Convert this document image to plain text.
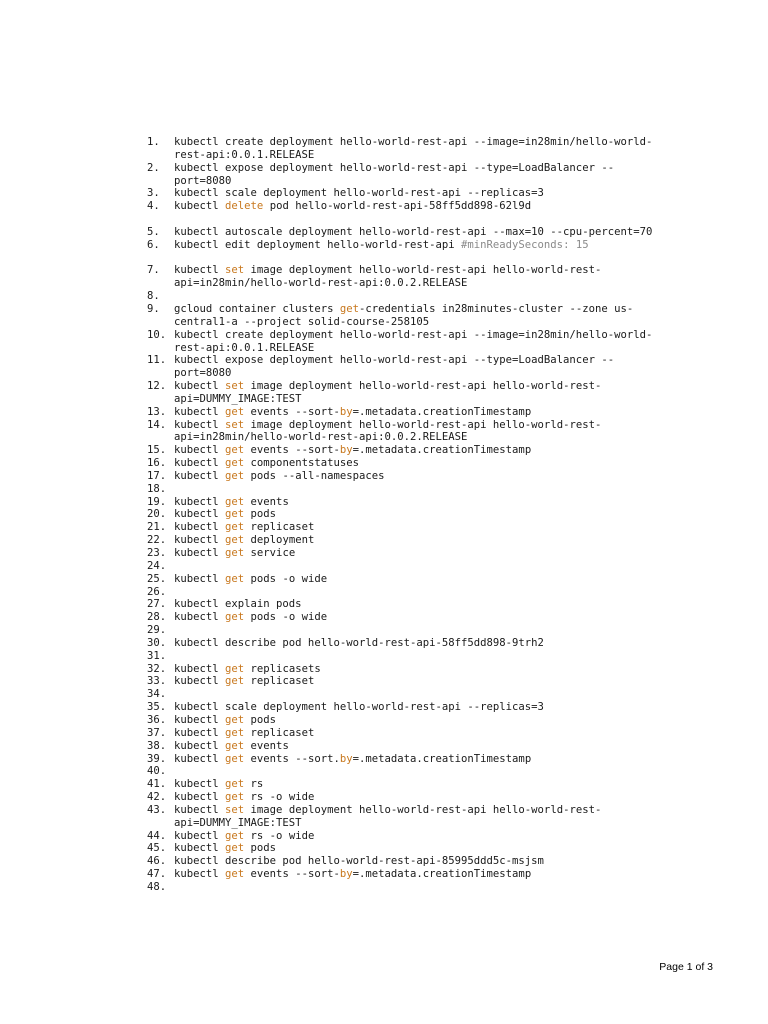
1.	kubectl create deployment hello-world-rest-api --image=in28min/hello-world-
rest-api:0.0.1.RELEASE
2.	kubectl expose deployment hello-world-rest-api --type=LoadBalancer --
port=8080
3.	kubectl scale deployment hello-world-rest-api --replicas=3
4.	kubectl delete pod hello-world-rest-api-58ff5dd898-62l9d
5.	kubectl autoscale deployment hello-world-rest-api --max=10 --cpu-percent=70
6.	kubectl edit deployment hello-world-rest-api #minReadySeconds: 15
7.	kubectl set image deployment hello-world-rest-api hello-world-rest-
api=in28min/hello-world-rest-api:0.0.2.RELEASE
8.
9.	gcloud container clusters get-credentials in28minutes-cluster --zone us-
central1-a --project solid-course-258105
10. kubectl create deployment hello-world-rest-api --image=in28min/hello-world-
rest-api:0.0.1.RELEASE
11. kubectl expose deployment hello-world-rest-api --type=LoadBalancer --
port=8080
12. kubectl set image deployment hello-world-rest-api hello-world-rest-
api=DUMMY_IMAGE:TEST
13. kubectl get events --sort-by=.metadata.creationTimestamp
14. kubectl set image deployment hello-world-rest-api hello-world-rest-
api=in28min/hello-world-rest-api:0.0.2.RELEASE
15. kubectl get events --sort-by=.metadata.creationTimestamp
16. kubectl get componentstatuses
17. kubectl get pods --all-namespaces
18.
19. kubectl get events
20. kubectl get pods
21. kubectl get replicaset
22. kubectl get deployment
23. kubectl get service
24.
25. kubectl get pods -o wide
26.
27. kubectl explain pods
28. kubectl get pods -o wide
29.
30. kubectl describe pod hello-world-rest-api-58ff5dd898-9trh2
31.
32. kubectl get replicasets
33. kubectl get replicaset
34.
35. kubectl scale deployment hello-world-rest-api --replicas=3
36. kubectl get pods
37. kubectl get replicaset
38. kubectl get events
39. kubectl get events --sort.by=.metadata.creationTimestamp
40.
41. kubectl get rs
42. kubectl get rs -o wide
43. kubectl set image deployment hello-world-rest-api hello-world-rest-
api=DUMMY_IMAGE:TEST
44. kubectl get rs -o wide
45. kubectl get pods
46. kubectl describe pod hello-world-rest-api-85995ddd5c-msjsm
47. kubectl get events --sort-by=.metadata.creationTimestamp
48.
Page 1 of 3
